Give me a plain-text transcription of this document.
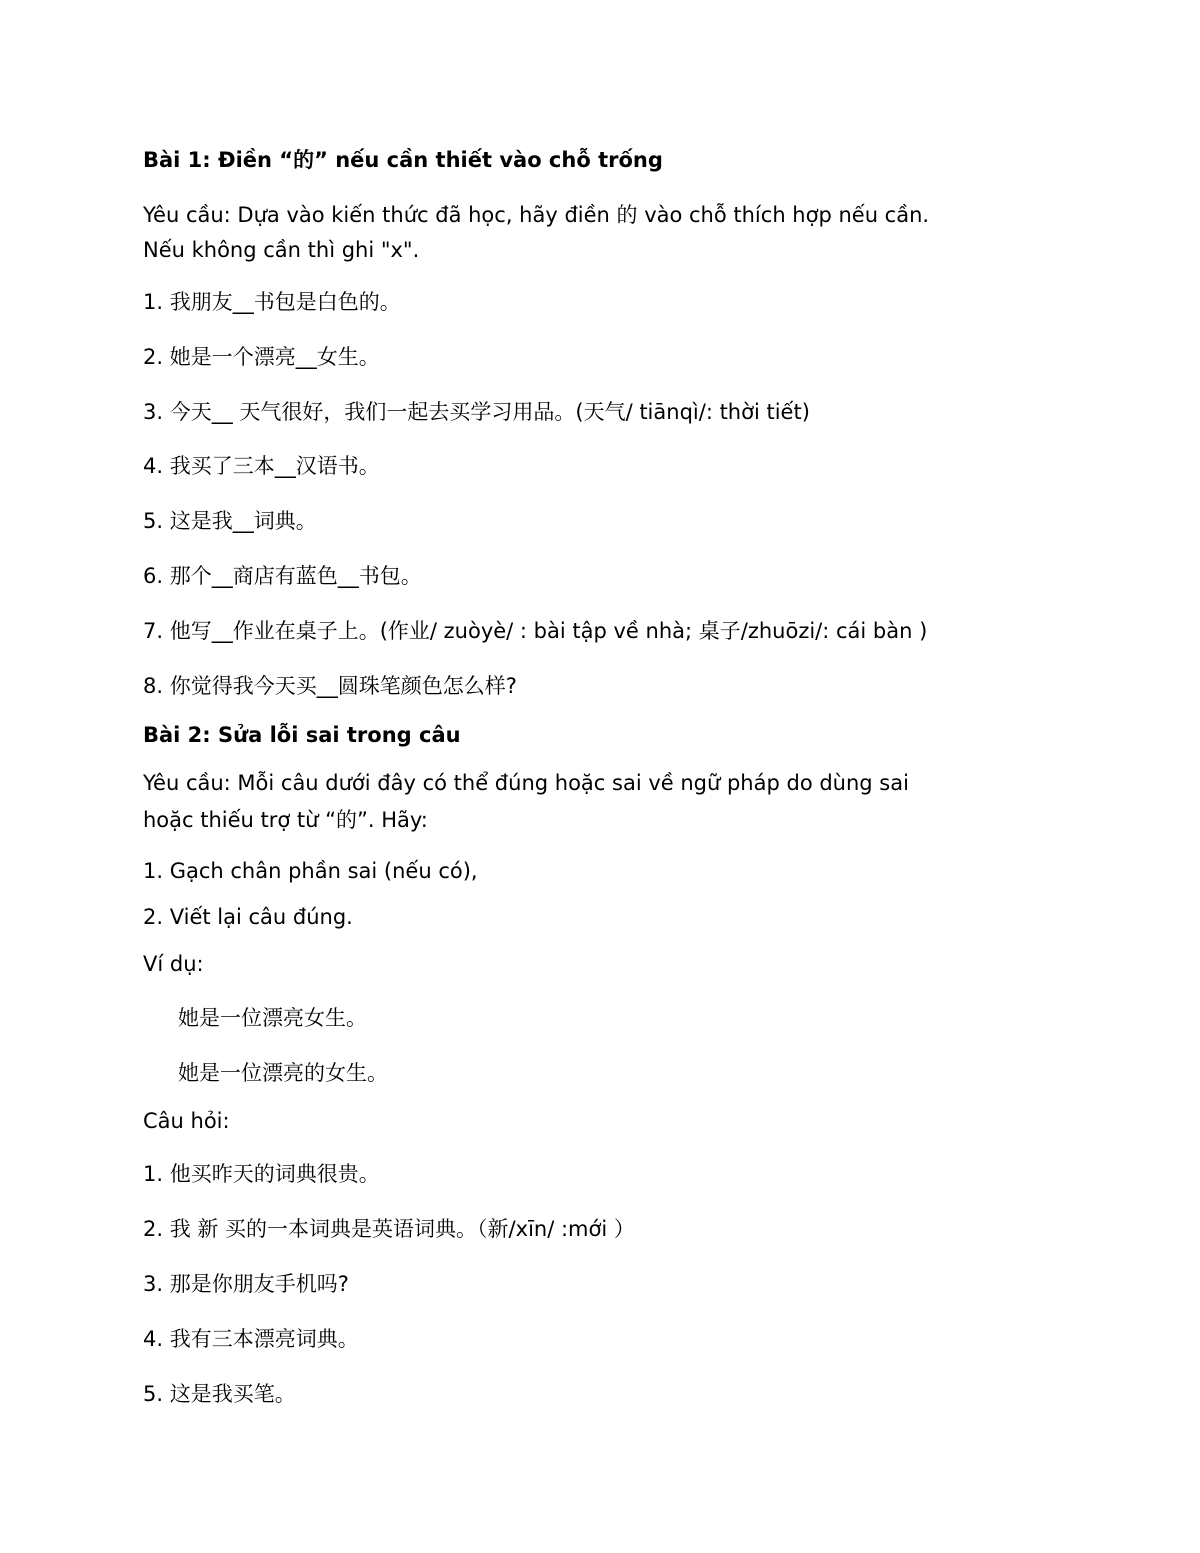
Bài 1: Điền “的” nếu cần thiết vào chỗ trống
Yêu cầu: Dựa vào kiến thức đã học, hãy điền 的 vào chỗ thích hợp nếu cần.
Nếu không cần thì ghi "x".
1. 我朋友__书包是白色的。
2. 她是一个漂亮__女生。
3. 今天__ 天气很好，我们一起去买学习用品。(天气/ tiānqì/: thời tiết)
4. 我买了三本__汉语书。
5. 这是我__词典。
6. 那个__商店有蓝色__书包。
7. 他写__作业在桌子上。(作业/ zuòyè/ : bài tập về nhà; 桌子/zhuōzi/: cái bàn )
8. 你觉得我今天买__圆珠笔颜色怎么样?
Bài 2: Sửa lỗi sai trong câu
Yêu cầu: Mỗi câu dưới đây có thể đúng hoặc sai về ngữ pháp do dùng sai
hoặc thiếu trợ từ “的”. Hãy:
1. Gạch chân phần sai (nếu có),
2. Viết lại câu đúng.
Ví dụ:
她是一位漂亮女生。
她是一位漂亮的女生。
Câu hỏi:
1. 他买昨天的词典很贵。
2. 我 新 买的一本词典是英语词典。（新/xīn/ :mới ）
3. 那是你朋友手机吗?
4. 我有三本漂亮词典。
5. 这是我买笔。
